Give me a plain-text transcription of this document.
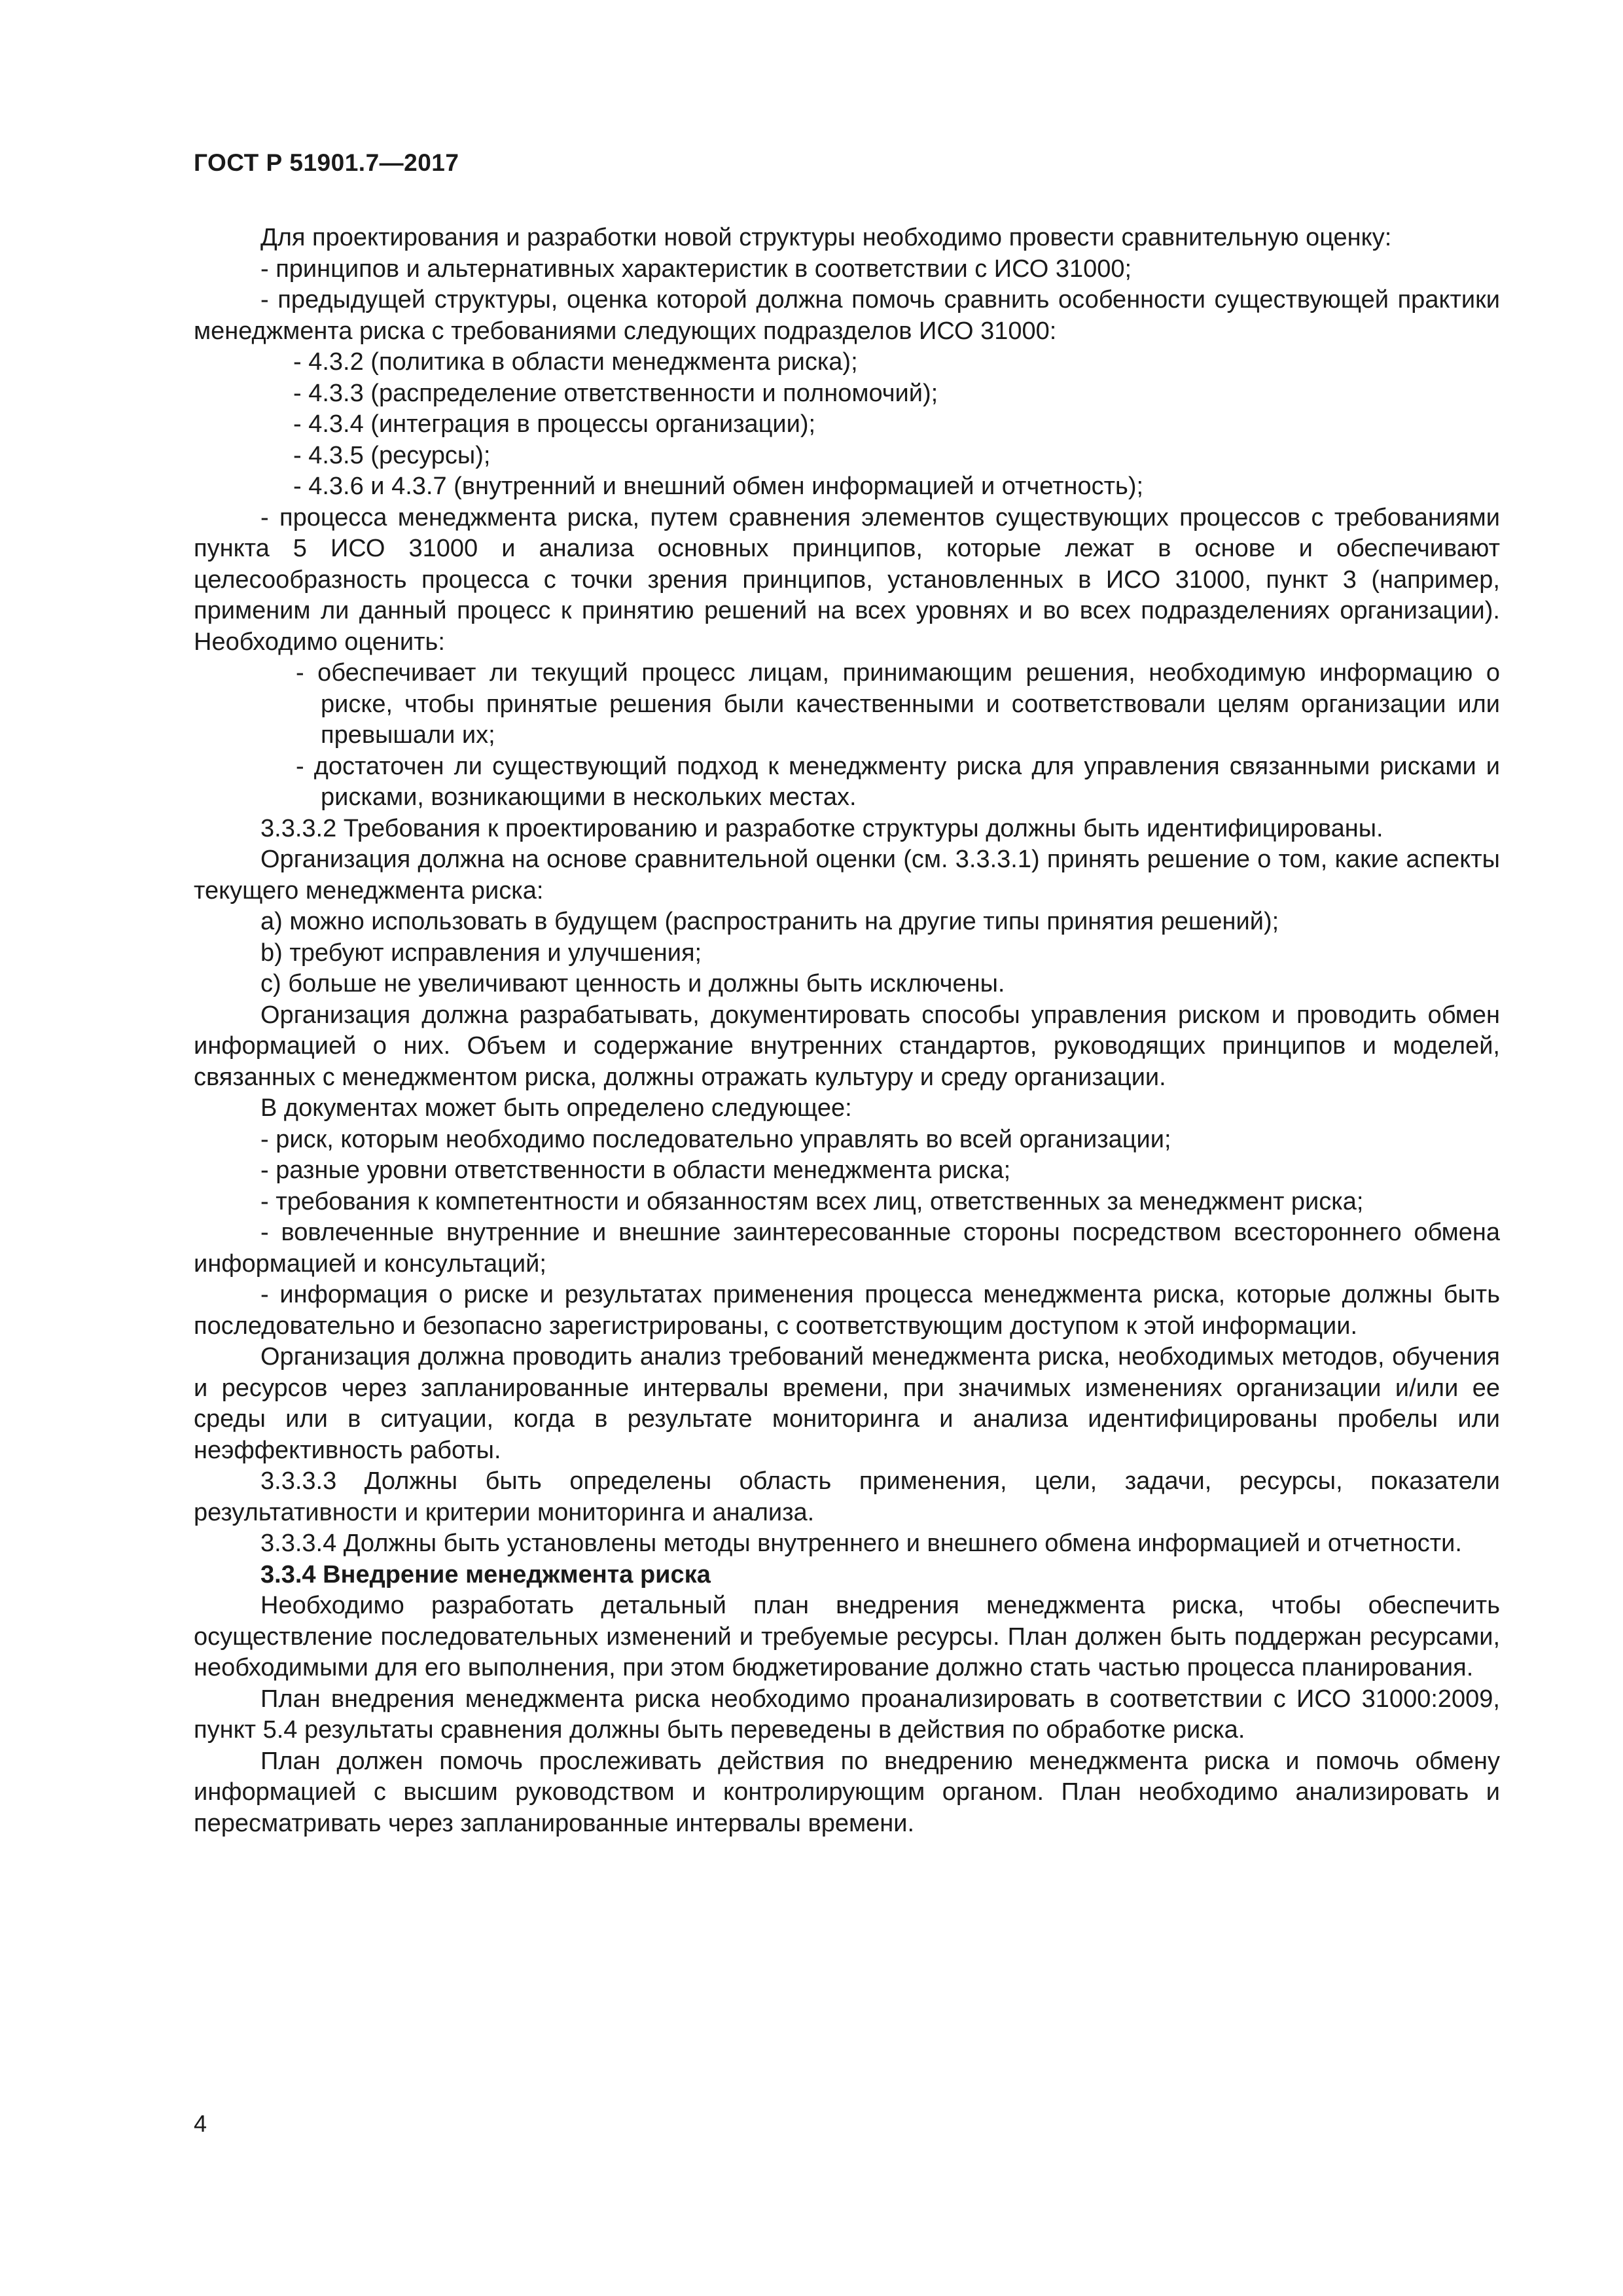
ГОСТ Р 51901.7—2017

Для проектирования и разработки новой структуры необходимо провести сравнительную оценку:

- принципов и альтернативных характеристик в соответствии с ИСО 31000;

- предыдущей структуры, оценка которой должна помочь сравнить особенности существующей практики менеджмента риска с требованиями следующих подразделов ИСО 31000:

- 4.3.2 (политика в области менеджмента риска);

- 4.3.3 (распределение ответственности и полномочий);

- 4.3.4 (интеграция в процессы организации);

- 4.3.5 (ресурсы);

- 4.3.6 и 4.3.7 (внутренний и внешний обмен информацией и отчетность);

- процесса менеджмента риска, путем сравнения элементов существующих процессов с требованиями пункта 5 ИСО 31000 и анализа основных принципов, которые лежат в основе и обеспечивают целесообразность процесса с точки зрения принципов, установленных в ИСО 31000, пункт 3 (например, применим ли данный процесс к принятию решений на всех уровнях и во всех подразделениях организации). Необходимо оценить:

- обеспечивает ли текущий процесс лицам, принимающим решения, необходимую информацию о риске, чтобы принятые решения были качественными и соответствовали целям организации или превышали их;

- достаточен ли существующий подход к менеджменту риска для управления связанными рисками и рисками, возникающими в нескольких местах.

3.3.3.2 Требования к проектированию и разработке структуры должны быть идентифицированы.

Организация должна на основе сравнительной оценки (см. 3.3.3.1) принять решение о том, какие аспекты текущего менеджмента риска:

a) можно использовать в будущем (распространить на другие типы принятия решений);

b) требуют исправления и улучшения;

c) больше не увеличивают ценность и должны быть исключены.

Организация должна разрабатывать, документировать способы управления риском и проводить обмен информацией о них. Объем и содержание внутренних стандартов, руководящих принципов и моделей, связанных с менеджментом риска, должны отражать культуру и среду организации.

В документах может быть определено следующее:

- риск, которым необходимо последовательно управлять во всей организации;

- разные уровни ответственности в области менеджмента риска;

- требования к компетентности и обязанностям всех лиц, ответственных за менеджмент риска;

- вовлеченные внутренние и внешние заинтересованные стороны посредством всестороннего обмена информацией и консультаций;

- информация о риске и результатах применения процесса менеджмента риска, которые должны быть последовательно и безопасно зарегистрированы, с соответствующим доступом к этой информации.

Организация должна проводить анализ требований менеджмента риска, необходимых методов, обучения и ресурсов через запланированные интервалы времени, при значимых изменениях организации и/или ее среды или в ситуации, когда в результате мониторинга и анализа идентифицированы пробелы или неэффективность работы.

3.3.3.3 Должны быть определены область применения, цели, задачи, ресурсы, показатели результативности и критерии мониторинга и анализа.

3.3.3.4 Должны быть установлены методы внутреннего и внешнего обмена информацией и отчетности.

3.3.4 Внедрение менеджмента риска

Необходимо разработать детальный план внедрения менеджмента риска, чтобы обеспечить осуществление последовательных изменений и требуемые ресурсы. План должен быть поддержан ресурсами, необходимыми для его выполнения, при этом бюджетирование должно стать частью процесса планирования.

План внедрения менеджмента риска необходимо проанализировать в соответствии с ИСО 31000:2009, пункт 5.4 результаты сравнения должны быть переведены в действия по обработке риска.

План должен помочь прослеживать действия по внедрению менеджмента риска и помочь обмену информацией с высшим руководством и контролирующим органом. План необходимо анализировать и пересматривать через запланированные интервалы времени.

4
